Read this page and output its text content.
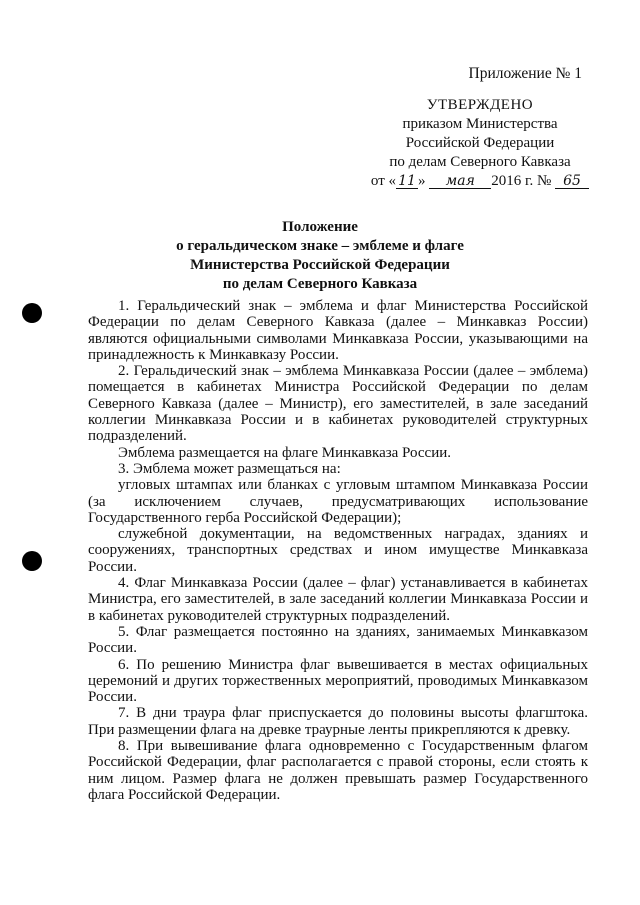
Приложение № 1
УТВЕРЖДЕНО
приказом Министерства
Российской Федерации
по делам Северного Кавказа
от « 11 » мая 2016 г. № 65
Положение
о геральдическом знаке – эмблеме и флаге
Министерства Российской Федерации
по делам Северного Кавказа

1. Геральдический знак – эмблема и флаг Министерства Российской Федерации по делам Северного Кавказа (далее – Минкавказ России) являются официальными символами Минкавказа России, указывающими на принадлежность к Минкавказу России.

2. Геральдический знак – эмблема Минкавказа России (далее – эмблема) помещается в кабинетах Министра Российской Федерации по делам Северного Кавказа (далее – Министр), его заместителей, в зале заседаний коллегии Минкавказа России и в кабинетах руководителей структурных подразделений.

Эмблема размещается на флаге Минкавказа России.

3. Эмблема может размещаться на:

угловых штампах или бланках с угловым штампом Минкавказа России (за исключением случаев, предусматривающих использование Государственного герба Российской Федерации);

служебной документации, на ведомственных наградах, зданиях и сооружениях, транспортных средствах и ином имуществе Минкавказа России.

4. Флаг Минкавказа России (далее – флаг) устанавливается в кабинетах Министра, его заместителей, в зале заседаний коллегии Минкавказа России и в кабинетах руководителей структурных подразделений.

5. Флаг размещается постоянно на зданиях, занимаемых Минкавказом России.

6. По решению Министра флаг вывешивается в местах официальных церемоний и других торжественных мероприятий, проводимых Минкавказом России.

7. В дни траура флаг приспускается до половины высоты флагштока. При размещении флага на древке траурные ленты прикрепляются к древку.

8. При вывешивание флага одновременно с Государственным флагом Российской Федерации, флаг располагается с правой стороны, если стоять к ним лицом. Размер флага не должен превышать размер Государственного флага Российской Федерации.
